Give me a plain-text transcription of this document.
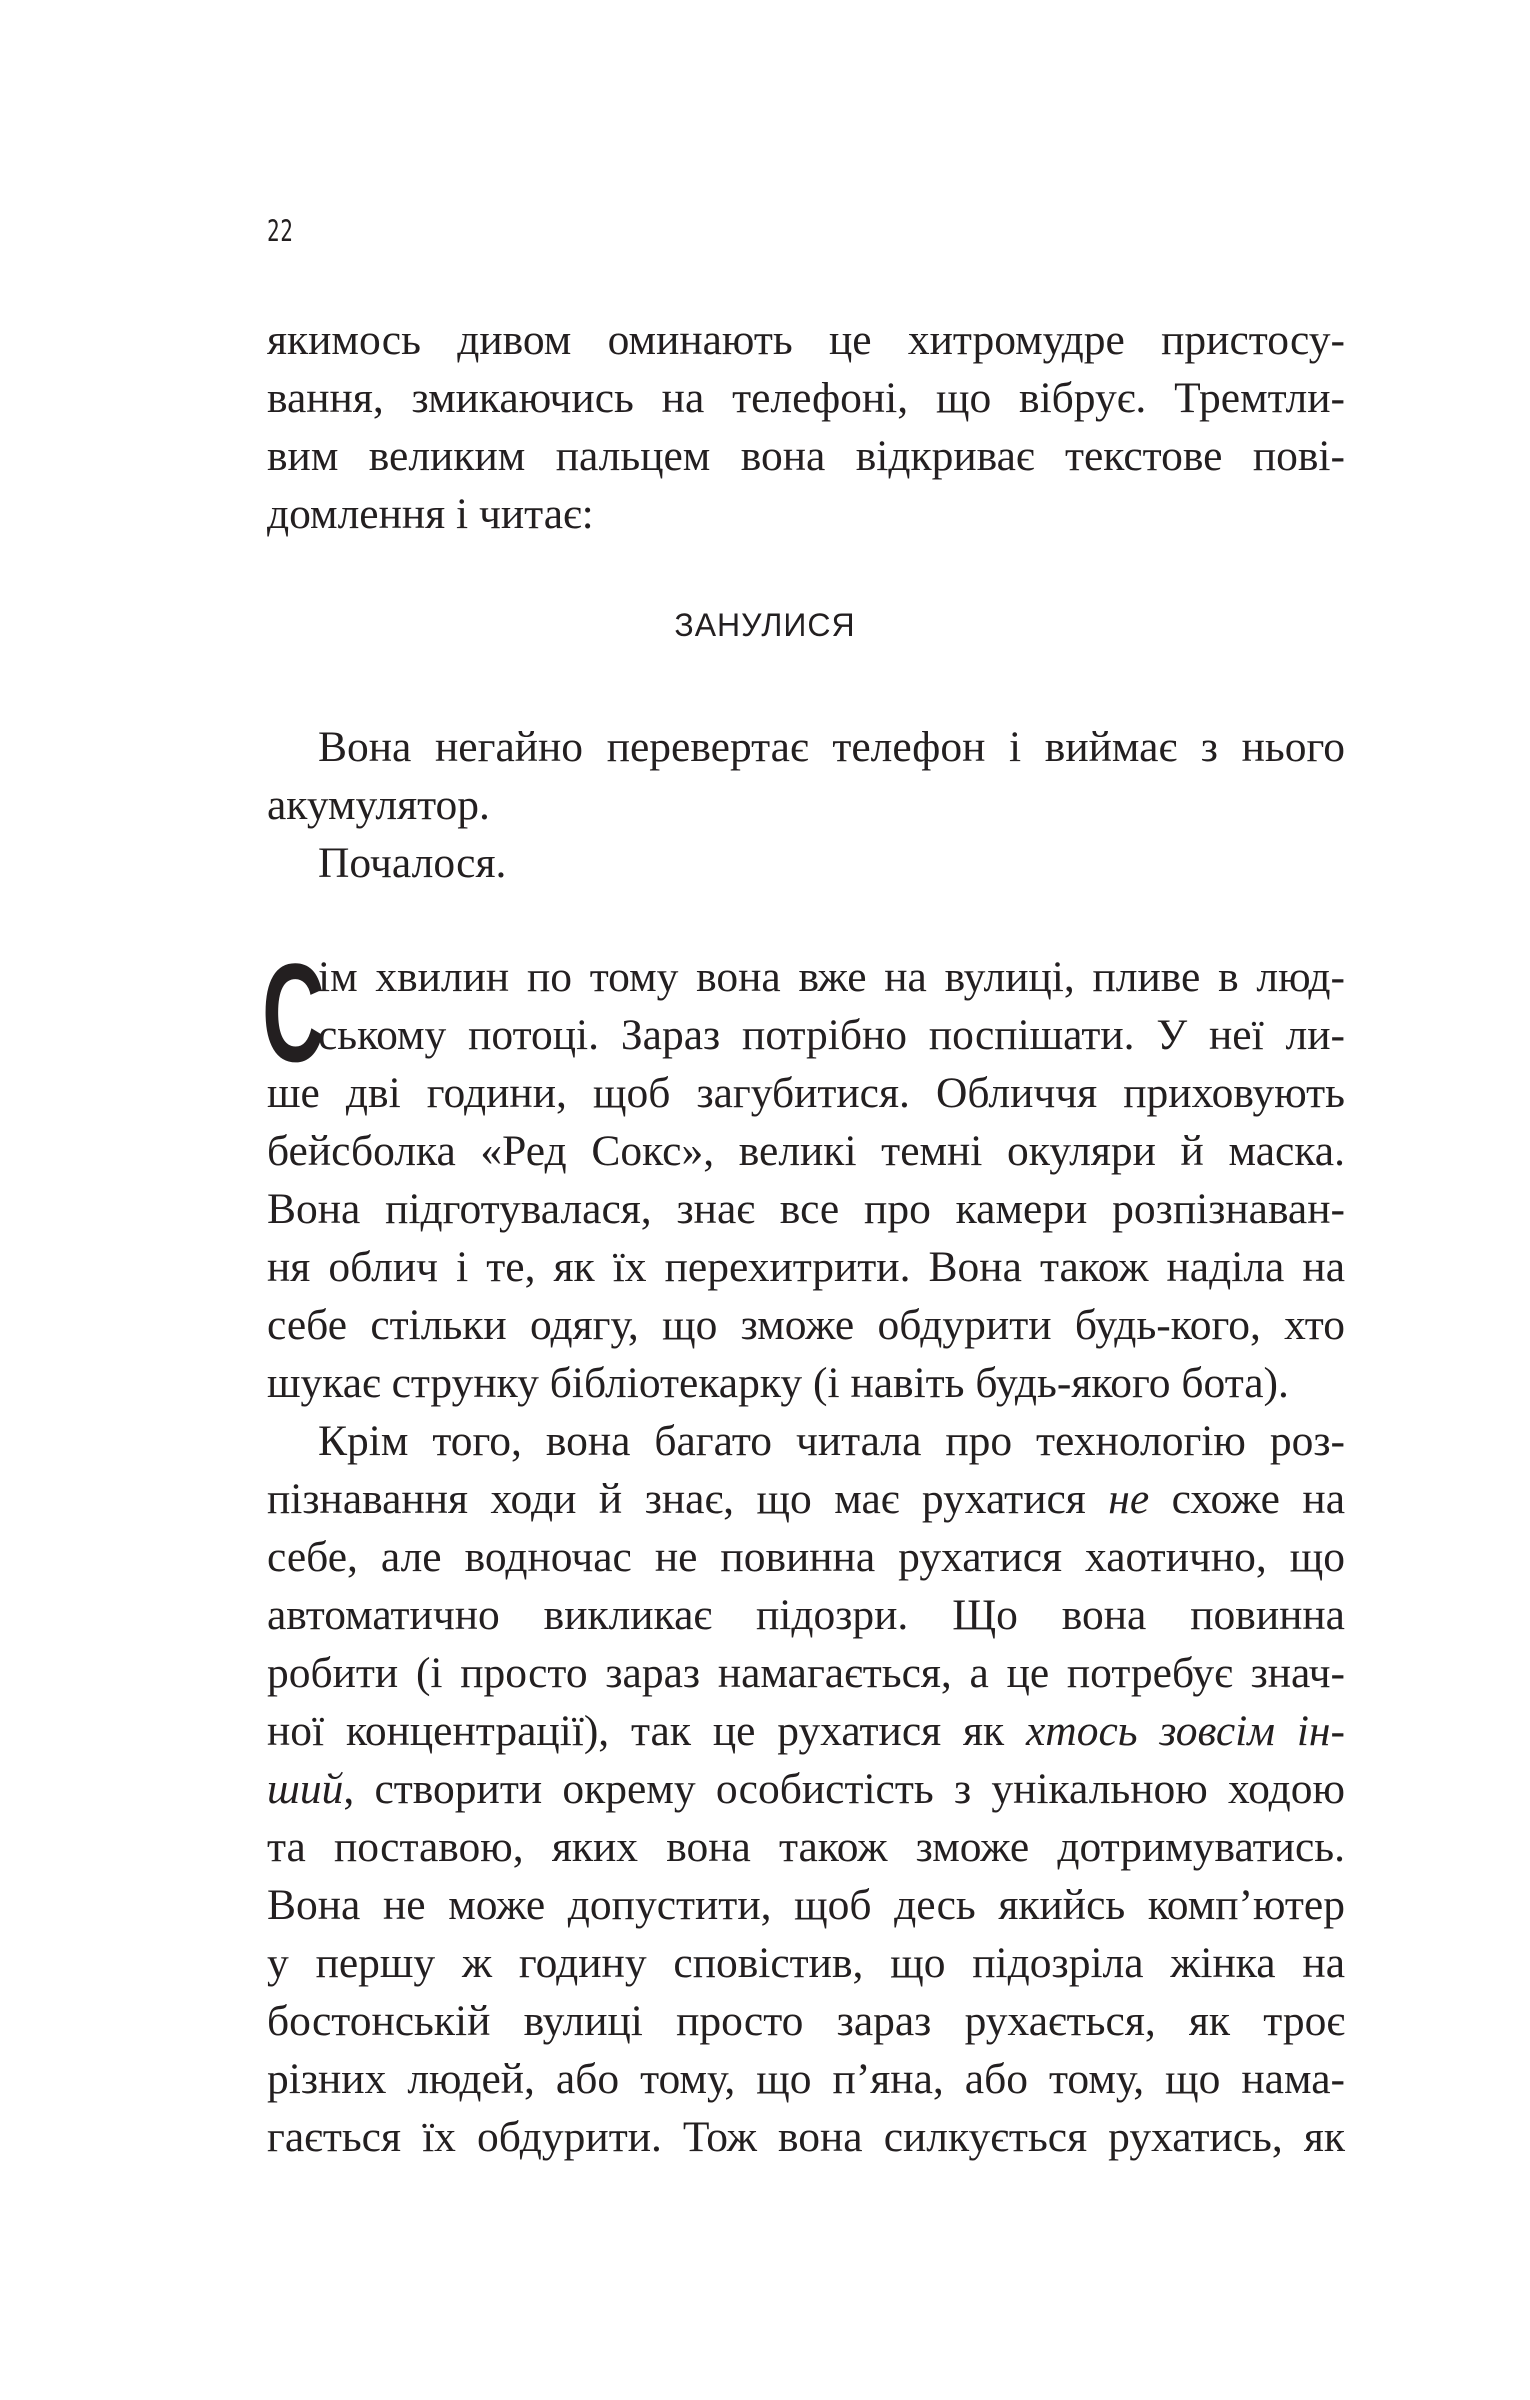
22
якимось дивом оминають це хитромудре пристосу-
вання, змикаючись на телефоні, що вібрує. Тремтли-
вим великим пальцем вона відкриває текстове пові-
домлення і читає:
ЗАНУЛИСЯ
Вона негайно перевертає телефон і виймає з нього
акумулятор.
Почалося.
С
ім хвилин по тому вона вже на вулиці, пливе в люд-
ському потоці. Зараз потрібно поспішати. У неї ли-
ше дві години, щоб загубитися. Обличчя приховують
бейсболка «Ред Сокс», великі темні окуляри й маска.
Вона підготувалася, знає все про камери розпізнаван-
ня облич і те, як їх перехитрити. Вона також наділа на
себе стільки одягу, що зможе обдурити будь-кого, хто
шукає струнку бібліотекарку (і навіть будь-якого бота).
Крім того, вона багато читала про технологію роз-
пізнавання ходи й знає, що має рухатися не схоже на
себе, але водночас не повинна рухатися хаотично, що
автоматично викликає підозри. Що вона повинна
робити (і просто зараз намагається, а це потребує знач-
ної концентрації), так це рухатися як хтось зовсім ін-
ший, створити окрему особистість з унікальною ходою
та поставою, яких вона також зможе дотримуватись.
Вона не може допустити, щоб десь якийсь комп’ютер
у першу ж годину сповістив, що підозріла жінка на
бостонській вулиці просто зараз рухається, як троє
різних людей, або тому, що п’яна, або тому, що нама-
гається їх обдурити. Тож вона силкується рухатись, як
